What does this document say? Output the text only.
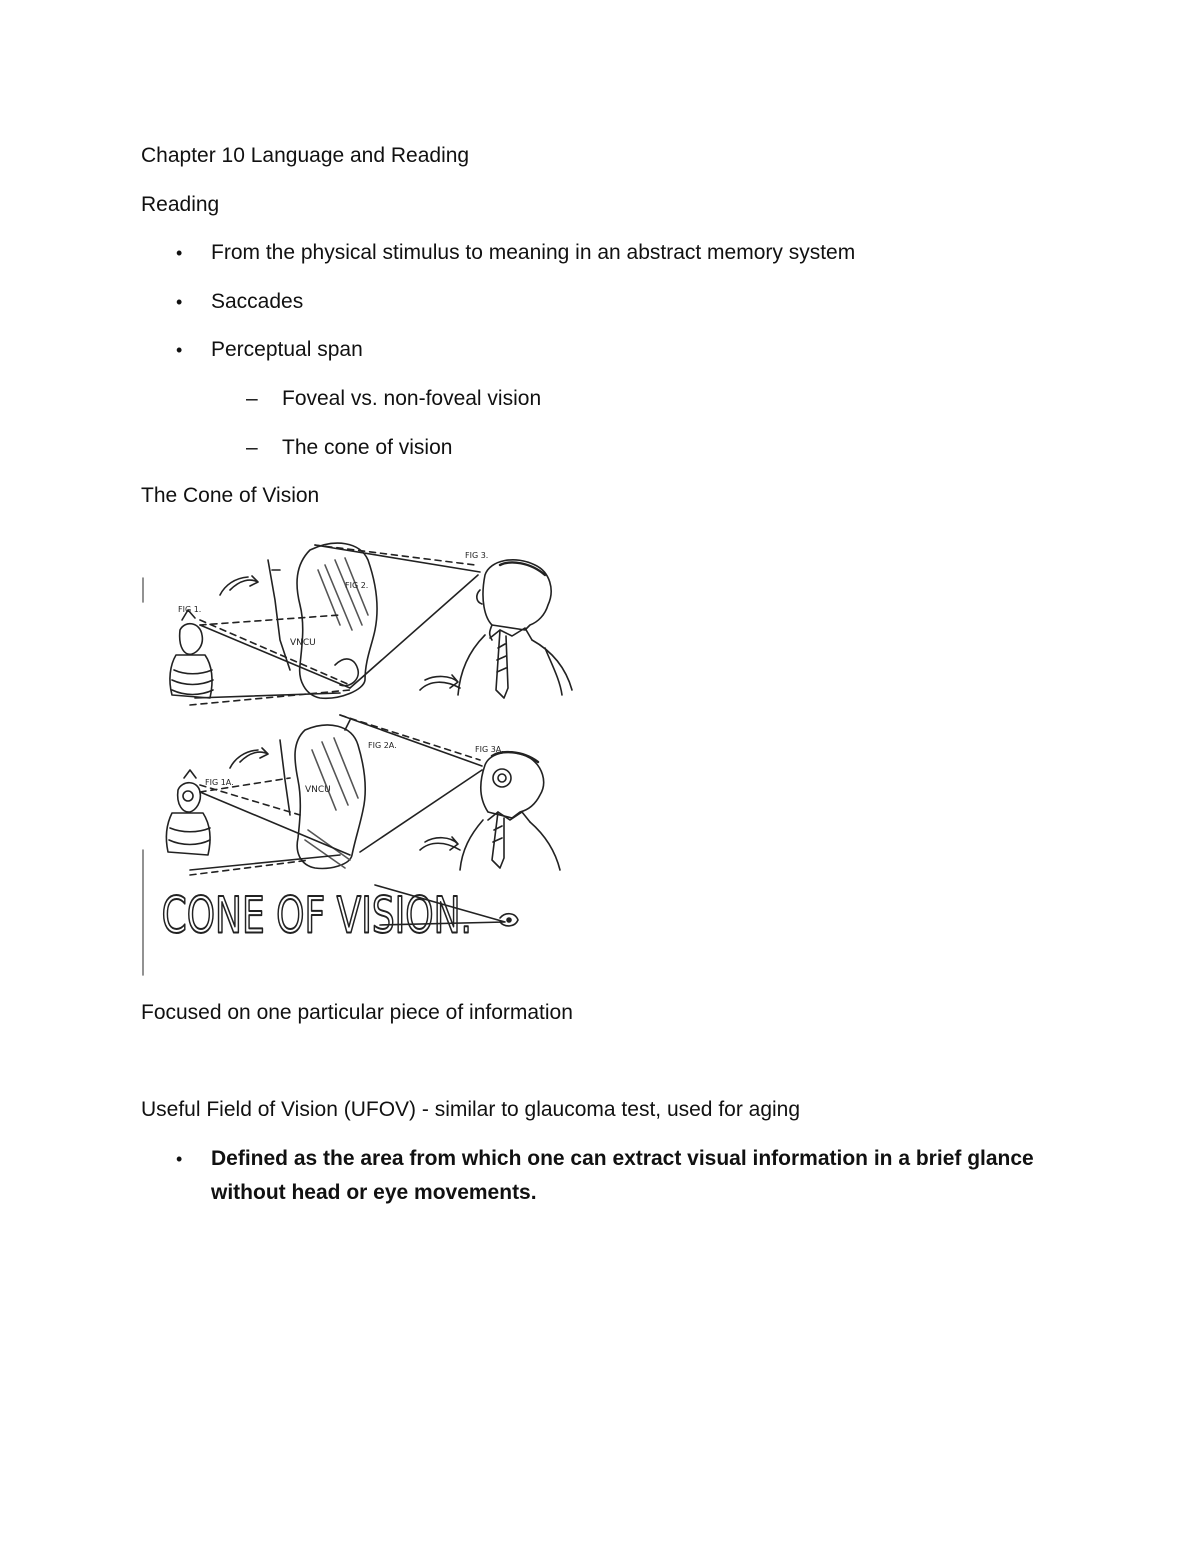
Chapter 10 Language and Reading
Reading
• From the physical stimulus to meaning in an abstract memory system
• Saccades
• Perceptual span
– Foveal vs. non-foveal vision
– The cone of vision
The Cone of Vision
VNCU
FIG 1.
FIG 2.
FIG 3.
VNCU
FIG 1A.
FIG 2A.	FIG 3A.
CONE OF VISION.
Focused on one particular piece of information
Useful Field of Vision (UFOV) - similar to glaucoma test, used for aging
• Defined as the area from which one can extract visual information in a brief glance
without head or eye movements.
